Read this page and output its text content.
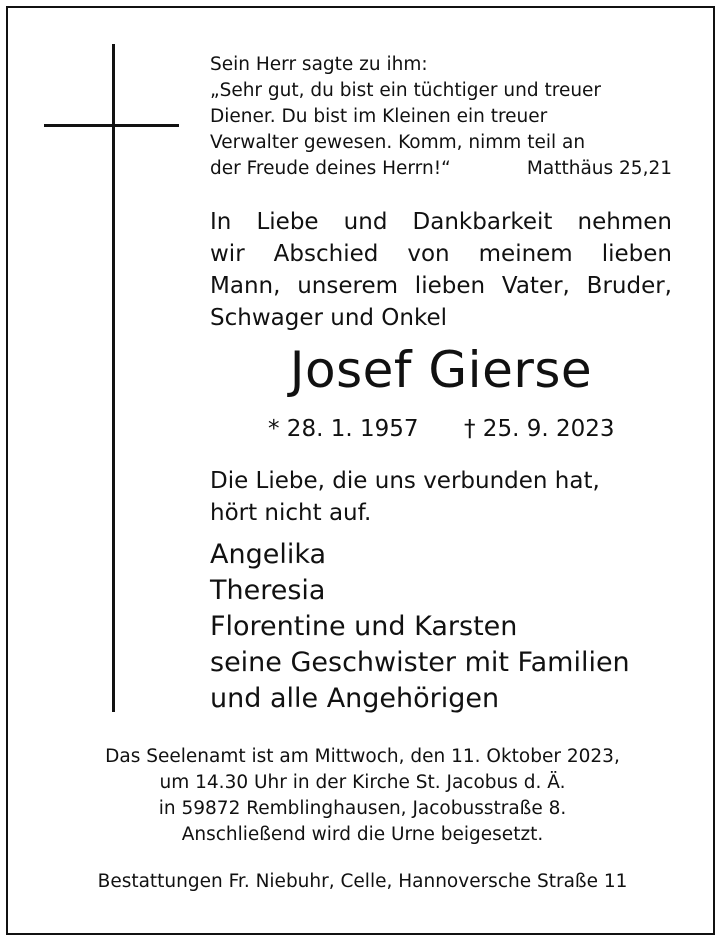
Sein Herr sagte zu ihm:
„Sehr gut, du bist ein tüchtiger und treuer
Diener. Du bist im Kleinen ein treuer
Verwalter gewesen. Komm, nimm teil an
der Freude deines Herrn!“	Matthäus 25,21
In Liebe und Dankbarkeit nehmen
wir Abschied von meinem lieben
Mann, unserem lieben Vater, Bruder,
Schwager und Onkel
Josef Gierse
* 28. 1. 1957 † 25. 9. 2023
Die Liebe, die uns verbunden hat,
hört nicht auf.
Angelika
Theresia
Florentine und Karsten
seine Geschwister mit Familien
und alle Angehörigen
Das Seelenamt ist am Mittwoch, den 11. Oktober 2023,
um 14.30 Uhr in der Kirche St. Jacobus d. Ä.
in 59872 Remblinghausen, Jacobusstraße 8.
Anschließend wird die Urne beigesetzt.
Bestattungen Fr. Niebuhr, Celle, Hannoversche Straße 11
